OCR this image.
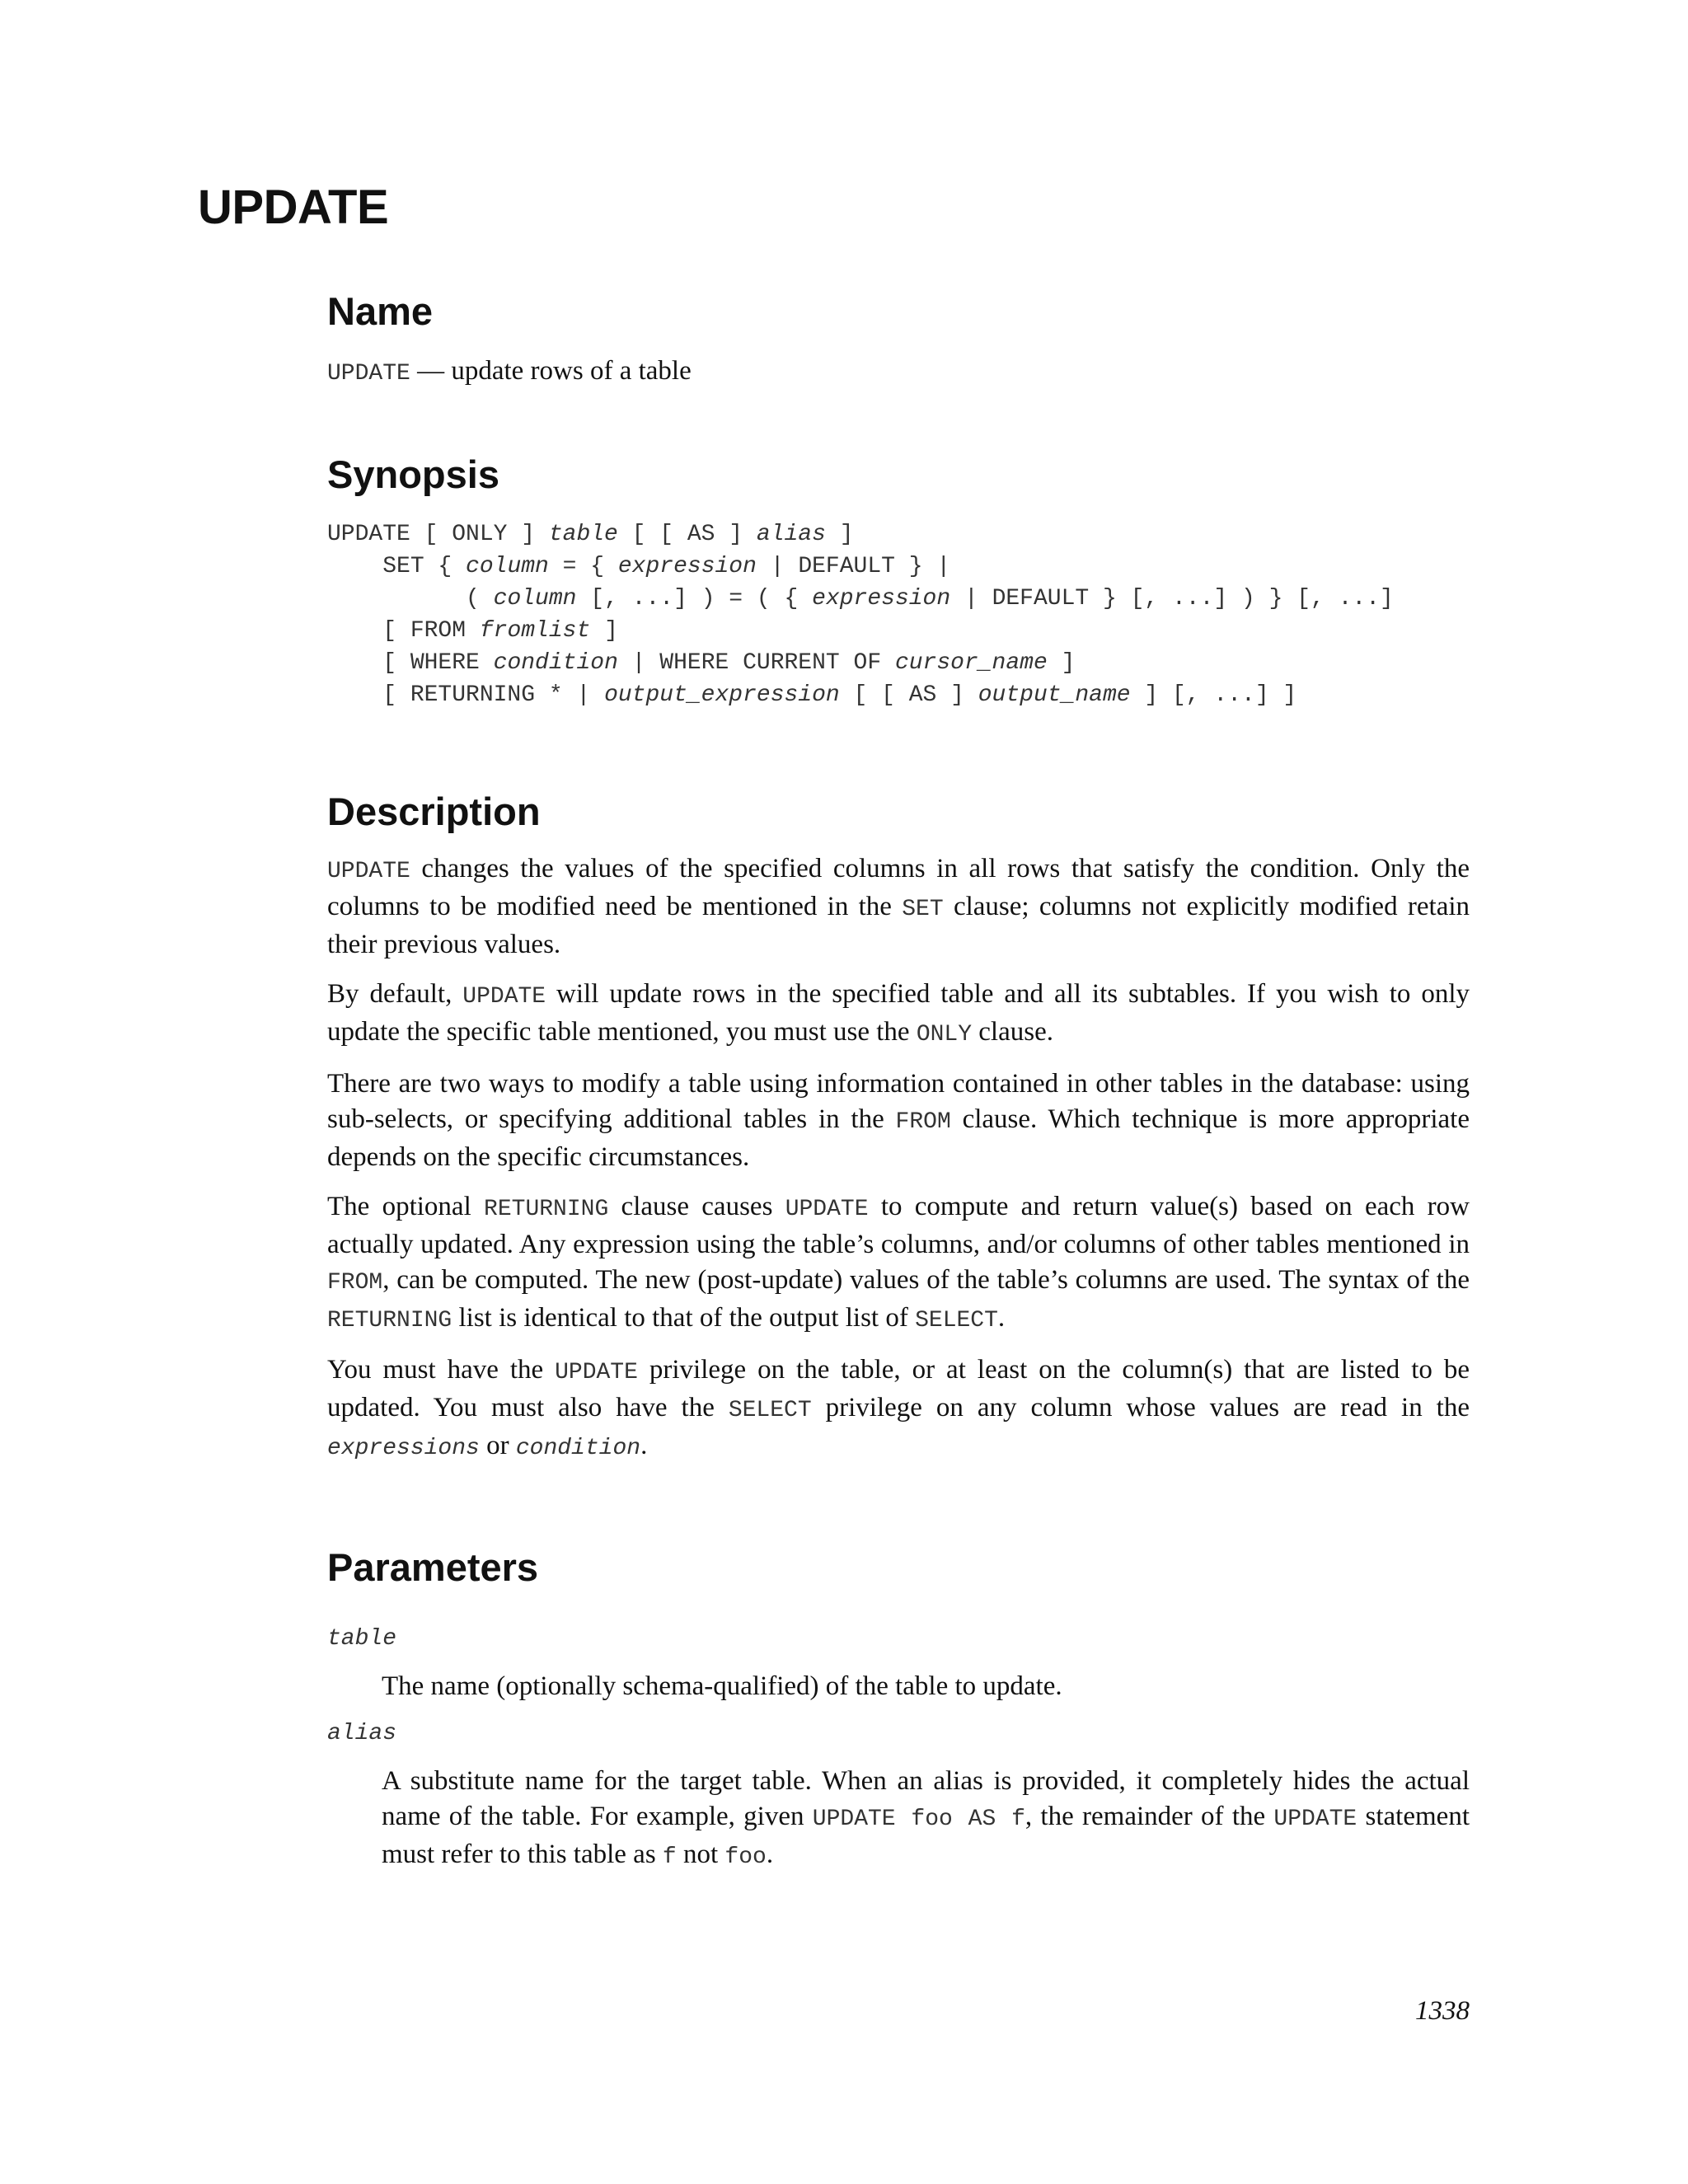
UPDATE
Name

UPDATE — update rows of a table

Synopsis
UPDATE [ ONLY ] table [ [ AS ] alias ]
SET { column = { expression | DEFAULT } |
( column [, ...] ) = ( { expression | DEFAULT } [, ...] ) } [, ...]
[ FROM fromlist ]
[ WHERE condition | WHERE CURRENT OF cursor_name ]
[ RETURNING * | output_expression [ [ AS ] output_name ] [, ...] ]
Description

UPDATE changes the values of the specified columns in all rows that satisfy the condition. Only the columns to be modified need be mentioned in the SET clause; columns not explicitly modified retain their previous values.

By default, UPDATE will update rows in the specified table and all its subtables. If you wish to only update the specific table mentioned, you must use the ONLY clause.

There are two ways to modify a table using information contained in other tables in the database: using sub-selects, or specifying additional tables in the FROM clause. Which technique is more appropriate depends on the specific circumstances.

The optional RETURNING clause causes UPDATE to compute and return value(s) based on each row actually updated. Any expression using the table’s columns, and/or columns of other tables mentioned in FROM, can be computed. The new (post-update) values of the table’s columns are used. The syntax of the RETURNING list is identical to that of the output list of SELECT.

You must have the UPDATE privilege on the table, or at least on the column(s) that are listed to be updated. You must also have the SELECT privilege on any column whose values are read in the expressions or condition.

Parameters
table
The name (optionally schema-qualified) of the table to update.
alias
A substitute name for the target table. When an alias is provided, it completely hides the actual name of the table. For example, given UPDATE foo AS f, the remainder of the UPDATE statement must refer to this table as f not foo.
1338
